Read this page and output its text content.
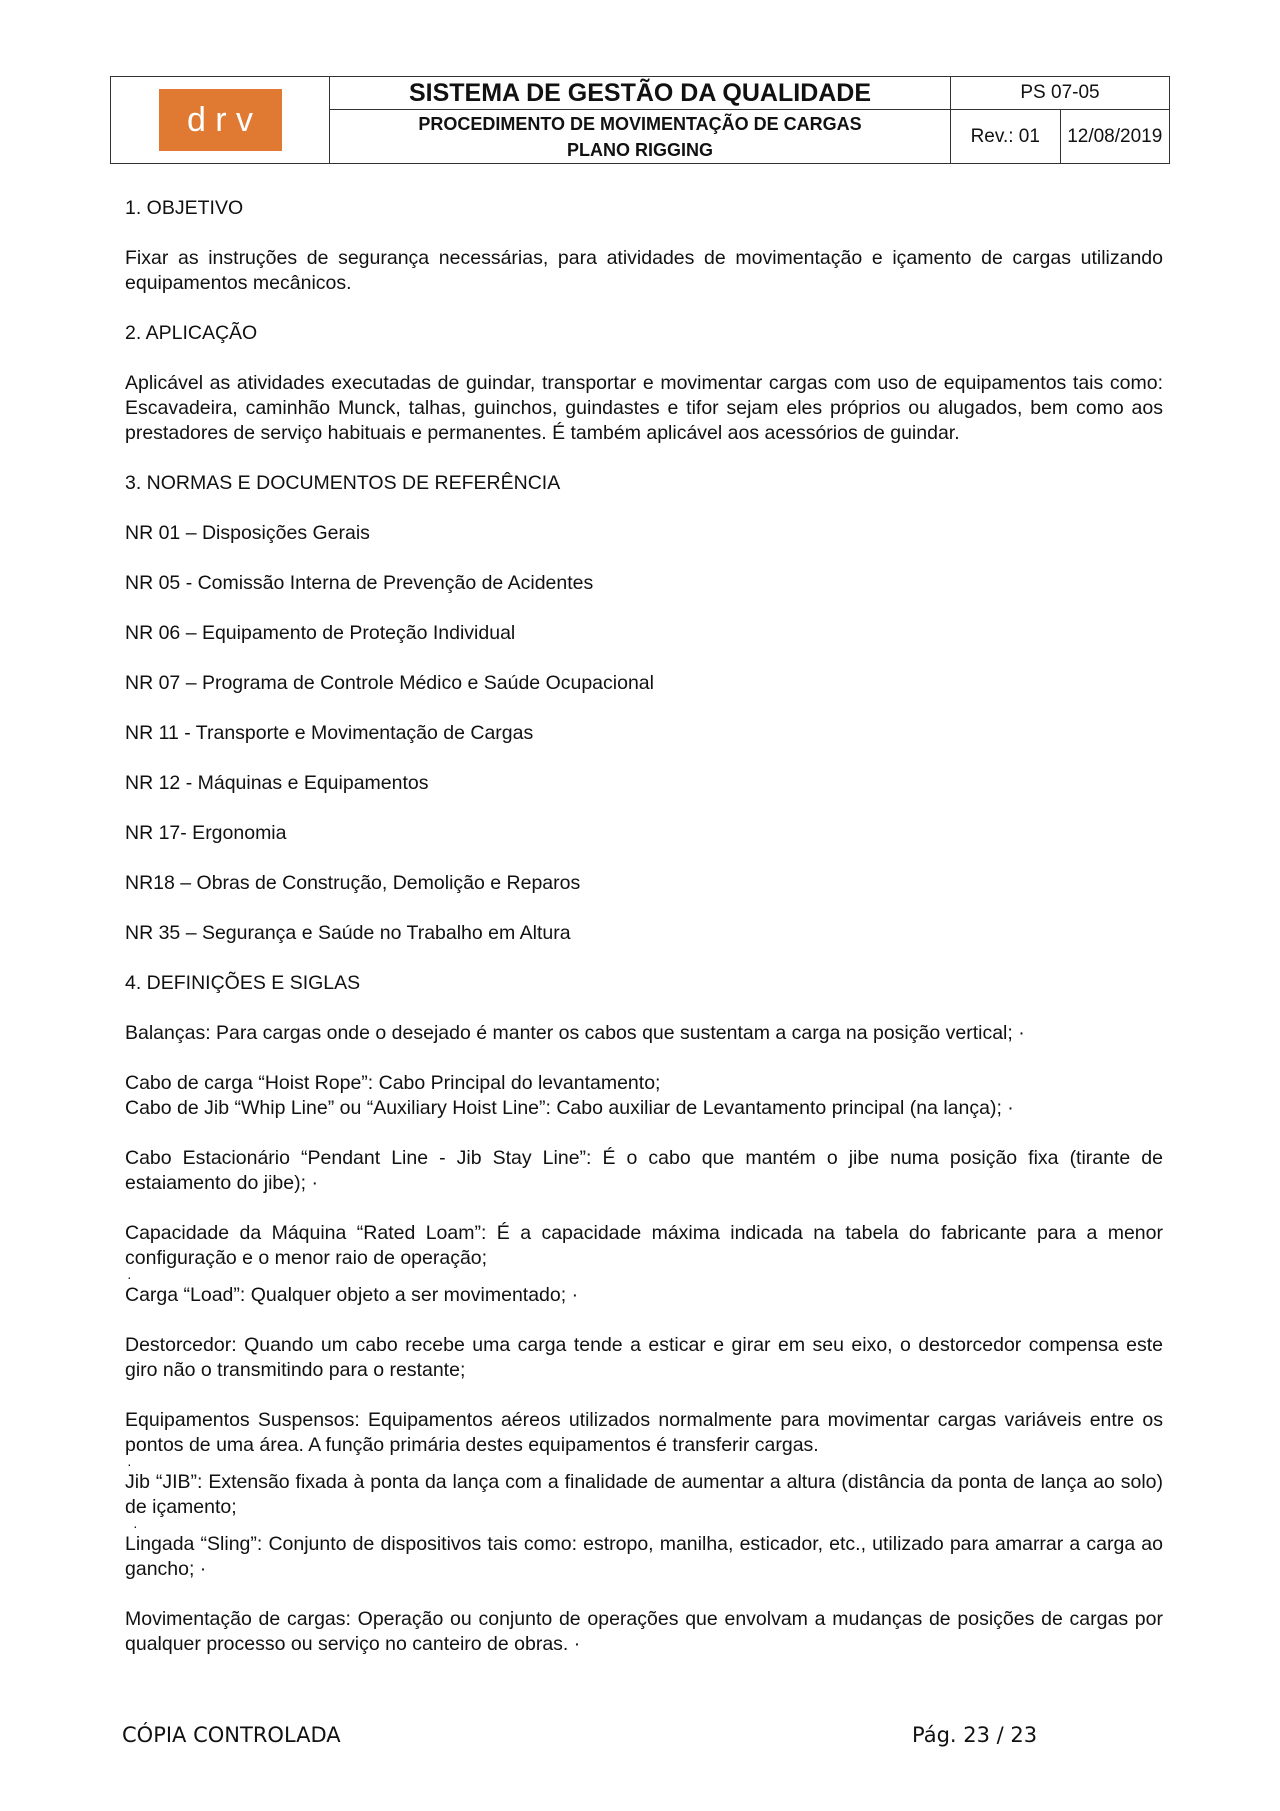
d r v	SISTEMA DE GESTÃO DA QUALIDADE	PS 07-05	

	PROCEDIMENTO DE MOVIMENTAÇÃO DE CARGAS
PLANO RIGGING	Rev.: 01	12/08/2019

1. OBJETIVO

Fixar as instruções de segurança necessárias, para atividades de movimentação e içamento de cargas utilizando equipamentos mecânicos.

2. APLICAÇÃO

Aplicável as atividades executadas de guindar, transportar e movimentar cargas com uso de equipamentos tais como: Escavadeira, caminhão Munck, talhas, guinchos, guindastes e tifor sejam eles próprios ou alugados, bem como aos prestadores de serviço habituais e permanentes. É também aplicável aos acessórios de guindar.

3. NORMAS E DOCUMENTOS DE REFERÊNCIA

NR 01 – Disposições Gerais

NR 05 - Comissão Interna de Prevenção de Acidentes

NR 06 – Equipamento de Proteção Individual

NR 07 – Programa de Controle Médico e Saúde Ocupacional

NR 11 - Transporte e Movimentação de Cargas

NR 12 - Máquinas e Equipamentos

NR 17- Ergonomia

NR18 – Obras de Construção, Demolição e Reparos

NR 35 – Segurança e Saúde no Trabalho em Altura

4. DEFINIÇÕES E SIGLAS

Balanças: Para cargas onde o desejado é manter os cabos que sustentam a carga na posição vertical; ·

Cabo de carga “Hoist Rope”: Cabo Principal do levantamento;

Cabo de Jib “Whip Line” ou “Auxiliary Hoist Line”: Cabo auxiliar de Levantamento principal (na lança); ·

Cabo Estacionário “Pendant Line - Jib Stay Line”: É o cabo que mantém o jibe numa posição fixa (tirante de estaiamento do jibe); ·

Capacidade da Máquina “Rated Loam”: É a capacidade máxima indicada na tabela do fabricante para a menor configuração e o menor raio de operação;

·

Carga “Load”: Qualquer objeto a ser movimentado; ·

Destorcedor: Quando um cabo recebe uma carga tende a esticar e girar em seu eixo, o destorcedor compensa este giro não o transmitindo para o restante;

Equipamentos Suspensos: Equipamentos aéreos utilizados normalmente para movimentar cargas variáveis entre os pontos de uma área. A função primária destes equipamentos é transferir cargas.

·

Jib “JIB”: Extensão fixada à ponta da lança com a finalidade de aumentar a altura (distância da ponta de lança ao solo) de içamento;

·

Lingada “Sling”: Conjunto de dispositivos tais como: estropo, manilha, esticador, etc., utilizado para amarrar a carga ao gancho; ·

Movimentação de cargas: Operação ou conjunto de operações que envolvam a mudanças de posições de cargas por qualquer processo ou serviço no canteiro de obras. ·

CÓPIA CONTROLADA	Pág. 23 / 23
